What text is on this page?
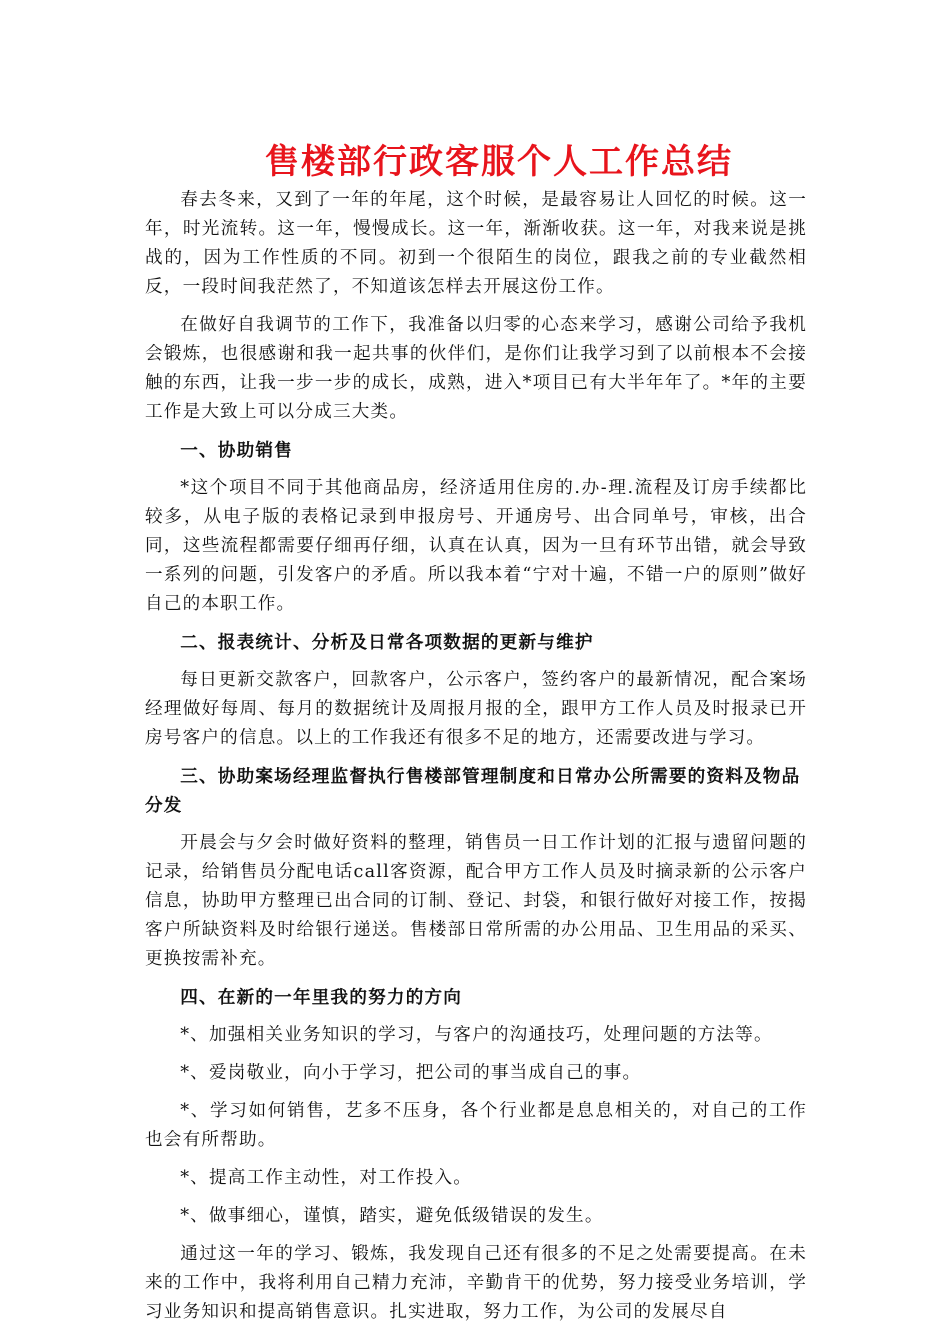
售楼部行政客服个人工作总结

春去冬来，又到了一年的年尾，这个时候，是最容易让人回忆的时候。这一年，时光流转。这一年，慢慢成长。这一年，渐渐收获。这一年，对我来说是挑战的，因为工作性质的不同。初到一个很陌生的岗位，跟我之前的专业截然相反，一段时间我茫然了，不知道该怎样去开展这份工作。

在做好自我调节的工作下，我准备以归零的心态来学习，感谢公司给予我机会锻炼，也很感谢和我一起共事的伙伴们，是你们让我学习到了以前根本不会接触的东西，让我一步一步的成长，成熟，进入*项目已有大半年年了。*年的主要工作是大致上可以分成三大类。

一、协助销售

*这个项目不同于其他商品房，经济适用住房的.办-理.流程及订房手续都比较多，从电子版的表格记录到申报房号、开通房号、出合同单号，审核，出合同，这些流程都需要仔细再仔细，认真在认真，因为一旦有环节出错，就会导致一系列的问题，引发客户的矛盾。所以我本着“宁对十遍，不错一户的原则”做好自己的本职工作。

二、报表统计、分析及日常各项数据的更新与维护

每日更新交款客户，回款客户，公示客户，签约客户的最新情况，配合案场经理做好每周、每月的数据统计及周报月报的全，跟甲方工作人员及时报录已开房号客户的信息。以上的工作我还有很多不足的地方，还需要改进与学习。

三、协助案场经理监督执行售楼部管理制度和日常办公所需要的资料及物品分发

开晨会与夕会时做好资料的整理，销售员一日工作计划的汇报与遗留问题的记录，给销售员分配电话call客资源，配合甲方工作人员及时摘录新的公示客户信息，协助甲方整理已出合同的订制、登记、封袋，和银行做好对接工作，按揭客户所缺资料及时给银行递送。售楼部日常所需的办公用品、卫生用品的采买、更换按需补充。

四、在新的一年里我的努力的方向

*、加强相关业务知识的学习，与客户的沟通技巧，处理问题的方法等。

*、爱岗敬业，向小于学习，把公司的事当成自己的事。

*、学习如何销售，艺多不压身，各个行业都是息息相关的，对自己的工作也会有所帮助。

*、提高工作主动性，对工作投入。

*、做事细心，谨慎，踏实，避免低级错误的发生。

通过这一年的学习、锻炼，我发现自己还有很多的不足之处需要提高。在未来的工作中，我将利用自己精力充沛，辛勤肯干的优势，努力接受业务培训，学习业务知识和提高销售意识。扎实进取，努力工作，为公司的发展尽自
